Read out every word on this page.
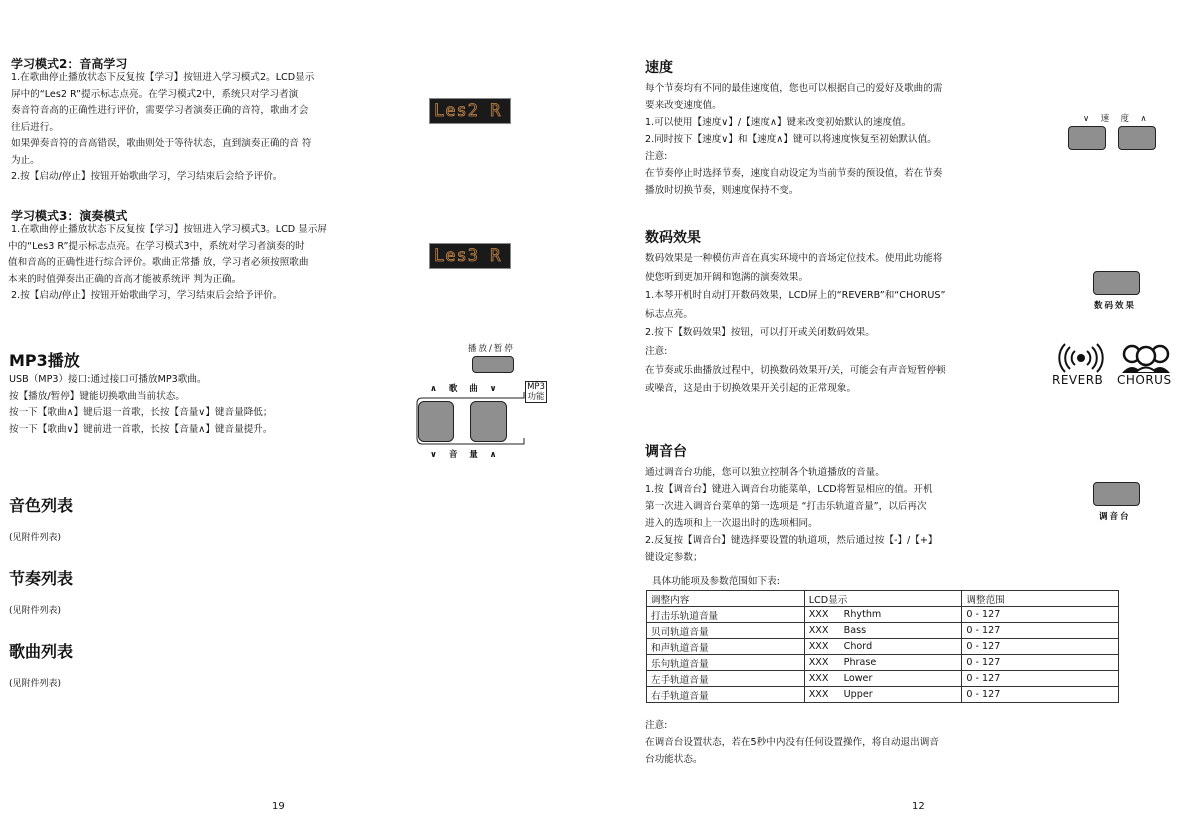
学习模式2：音高学习
1.在歌曲停止播放状态下反复按【学习】按钮进入学习模式2。LCD显示
屏中的“Les2 R”提示标志点亮。在学习模式2中，系统只对学习者演
奏音符音高的正确性进行评价，需要学习者演奏正确的音符，歌曲才会
往后进行。
如果弹奏音符的音高错误，歌曲则处于等待状态，直到演奏正确的音 符
为止。
2.按【启动/停止】按钮开始歌曲学习，学习结束后会给予评价。
Les2 R
学习模式3：演奏模式
1.在歌曲停止播放状态下反复按【学习】按钮进入学习模式3。LCD 显示屏
中的“Les3 R”提示标志点亮。在学习模式3中，系统对学习者演奏的时
值和音高的正确性进行综合评价。歌曲正常播 放，学习者必须按照歌曲
本来的时值弹奏出正确的音高才能被系统评 判为正确。
2.按【启动/停止】按钮开始歌曲学习，学习结束后会给予评价。
Les3 R
MP3播放
USB（MP3）接口:通过接口可播放MP3歌曲。
按【播放/暂停】键能切换歌曲当前状态。
按一下【歌曲∧】键后退一首歌，长按【音量∨】键音量降低；
按一下【歌曲∨】键前进一首歌，长按【音量∧】键音量提升。
播放/暂停
∧  歌  曲  ∨	MP3
功能
∨  音  量  ∧
音色列表
(见附件列表)
节奏列表
(见附件列表)
歌曲列表
(见附件列表)
19
速度
每个节奏均有不同的最佳速度值，您也可以根据自己的爱好及歌曲的需
要来改变速度值。
1.可以使用【速度∨】/【速度∧】键来改变初始默认的速度值。
2.同时按下【速度∨】和【速度∧】键可以将速度恢复至初始默认值。
注意:
在节奏停止时选择节奏，速度自动设定为当前节奏的预设值，若在节奏
播放时切换节奏，则速度保持不变。
∨  速  度  ∧
数码效果
数码效果是一种模仿声音在真实环境中的音场定位技术。使用此功能将
使您听到更加开阔和饱满的演奏效果。
1.本琴开机时自动打开数码效果，LCD屏上的“REVERB”和“CHORUS”
标志点亮。
2.按下【数码效果】按钮，可以打开或关闭数码效果。
注意:
在节奏或乐曲播放过程中，切换数码效果开/关，可能会有声音短暂停顿
或噪音，这是由于切换效果开关引起的正常现象。
数码效果
REVERB CHORUS
调音台
通过调音台功能，您可以独立控制各个轨道播放的音量。
1.按【调音台】键进入调音台功能菜单，LCD将暂显相应的值。开机
第一次进入调音台菜单的第一选项是 “打击乐轨道音量”，以后再次
进入的选项和上一次退出时的选项相同。
2.反复按【调音台】键选择要设置的轨道项，然后通过按【-】/【+】
键设定参数；
调音台
具体功能项及参数范围如下表:
调整内容	LCD显示	调整范围
打击乐轨道音量	XXX     Rhythm	0 - 127
贝司轨道音量	XXX     Bass	0 - 127
和声轨道音量	XXX     Chord	0 - 127
乐句轨道音量	XXX     Phrase	0 - 127
左手轨道音量	XXX     Lower	0 - 127
右手轨道音量	XXX     Upper	0 - 127
注意:
在调音台设置状态，若在5秒中内没有任何设置操作，将自动退出调音
台功能状态。
12
